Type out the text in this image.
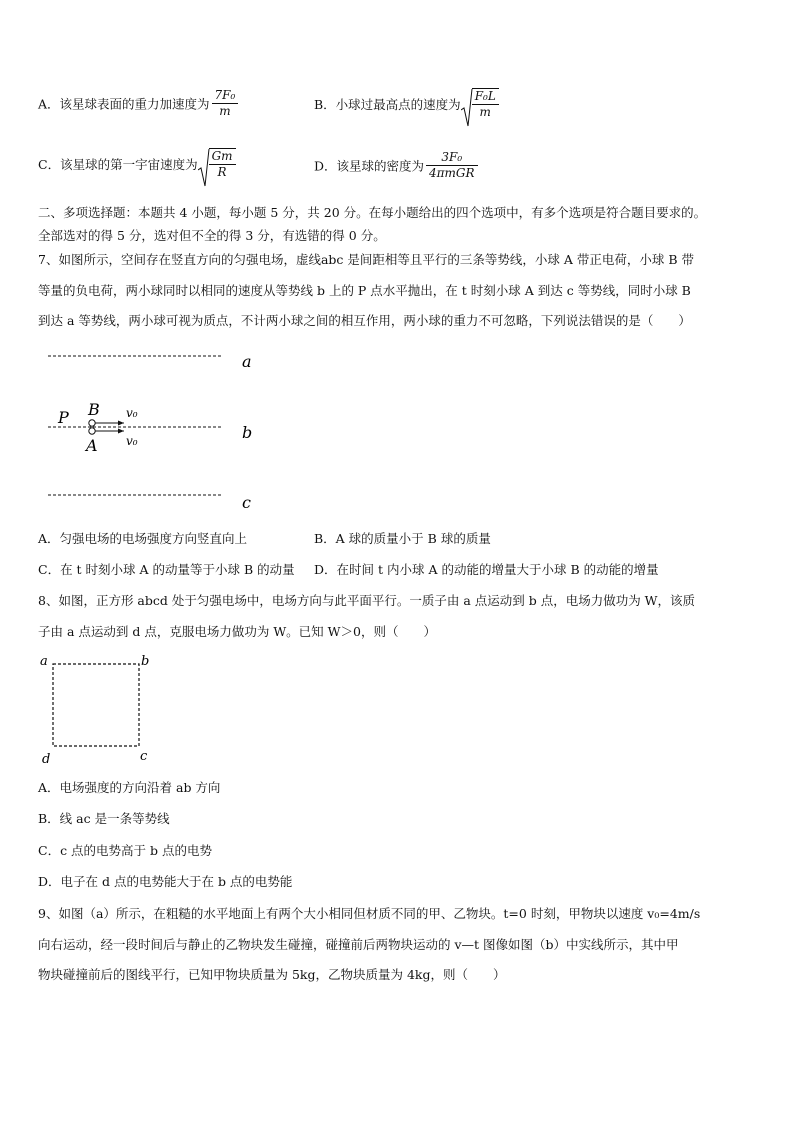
A．该星球表面的重力加速度为 $\frac{\text{7F₀}}{m}$	B．小球过最高点的速度为 $\frac{\text{F₀L}}{m}$
C．该星球的第一宇宙速度为 $\frac{Gm}{R}$	D．该星球的密度为 $\frac{\text{3F₀}}{\text{4πmGR}}$
二、多项选择题：本题共 4 小题，每小题 5 分，共 20 分。在每小题给出的四个选项中，有多个选项是符合题目要求的。
全部选对的得 5 分，选对但不全的得 3 分，有选错的得 0 分。
7、如图所示，空间存在竖直方向的匀强电场，虚线abc 是间距相等且平行的三条等势线，小球 A 带正电荷，小球 B 带
等量的负电荷，两小球同时以相同的速度从等势线 b 上的 P 点水平抛出，在 t 时刻小球 A 到达 c 等势线，同时小球 B
到达 a 等势线，两小球可视为质点，不计两小球之间的相互作用，两小球的重力不可忽略，下列说法错误的是（　　）
a
b
c
P B
A
v₀
v₀
A．匀强电场的电场强度方向竖直向上	B．A 球的质量小于 B 球的质量
C．在 t 时刻小球 A 的动量等于小球 B 的动量 D．在时间 t 内小球 A 的动能的增量大于小球 B 的动能的增量
8、如图，正方形 abcd 处于匀强电场中，电场方向与此平面平行。一质子由 a 点运动到 b 点，电场力做功为 W，该质
子由 a 点运动到 d 点，克服电场力做功为 W。已知 W＞0，则（　　）
a	b
c
d
A．电场强度的方向沿着 ab 方向
B．线 ac 是一条等势线
C．c 点的电势高于 b 点的电势
D．电子在 d 点的电势能大于在 b 点的电势能
9、如图（a）所示，在粗糙的水平地面上有两个大小相同但材质不同的甲、乙物块。t=0 时刻，甲物块以速度 v₀=4m/s
向右运动，经一段时间后与静止的乙物块发生碰撞，碰撞前后两物块运动的 v—t 图像如图（b）中实线所示，其中甲
物块碰撞前后的图线平行，已知甲物块质量为 5kg，乙物块质量为 4kg，则（　　）
